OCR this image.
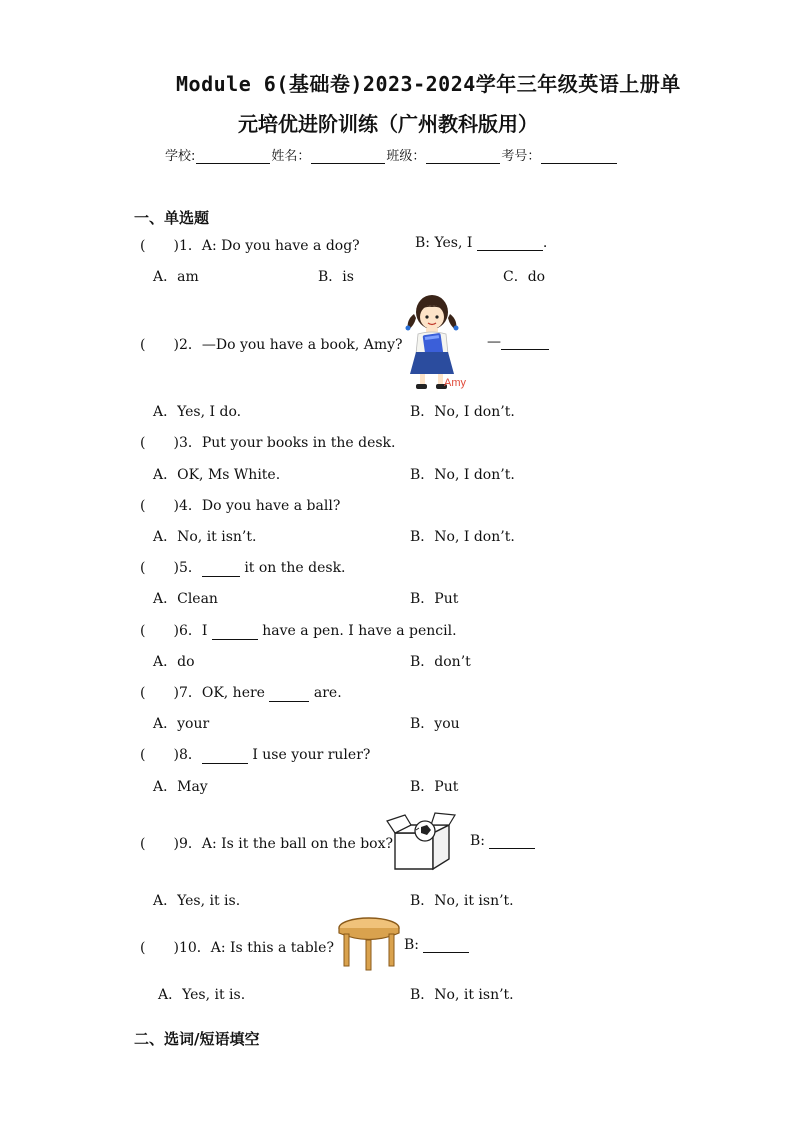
Module 6(基础卷)2023-2024学年三年级英语上册单
元培优进阶训练（广州教科版用）
学校:	姓名：	班级：	考号：
一、单选题
( )1．A: Do you have a dog?	B: Yes, I	.
A．am	B．is	C．do
( )2．—Do you have a book, Amy?
Amy
—
A．Yes, I do.	B．No, I don’t.
( )3．Put your books in the desk.
A．OK, Ms White.	B．No, I don’t.
( )4．Do you have a ball?
A．No, it isn’t.	B．No, I don’t.
( )5．	it on the desk.
A．Clean	B．Put
( )6．I	have a pen. I have a pencil.
A．do	B．don’t
( )7．OK, here	are.
A．your	B．you
( )8．	I use your ruler?
A．May	B．Put
( )9．A: Is it the ball on the box?	B:
A．Yes, it is.	B．No, it isn’t.
( )10．A: Is this a table?	B:
A．Yes, it is.	B．No, it isn’t.
二、选词/短语填空
